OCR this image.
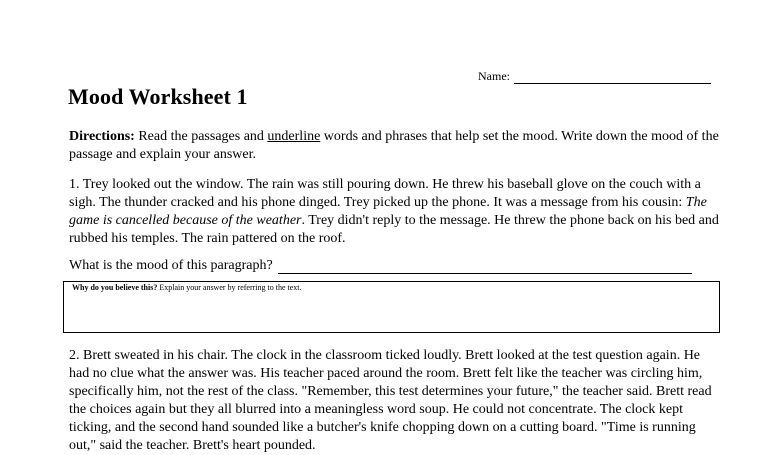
Name:
Mood Worksheet 1

Directions: Read the passages and underline words and phrases that help set the mood. Write down the mood of the passage and explain your answer.

1. Trey looked out the window. The rain was still pouring down. He threw his baseball glove on the couch with a sigh. The thunder cracked and his phone dinged. Trey picked up the phone. It was a message from his cousin: The game is cancelled because of the weather. Trey didn't reply to the message. He threw the phone back on his bed and rubbed his temples. The rain pattered on the roof.

What is the mood of this paragraph?
Why do you believe this? Explain your answer by referring to the text.

2. Brett sweated in his chair. The clock in the classroom ticked loudly. Brett looked at the test question again. He had no clue what the answer was. His teacher paced around the room. Brett felt like the teacher was circling him, specifically him, not the rest of the class. "Remember, this test determines your future," the teacher said. Brett read the choices again but they all blurred into a meaningless word soup. He could not concentrate. The clock kept ticking, and the second hand sounded like a butcher's knife chopping down on a cutting board. "Time is running out," said the teacher. Brett's heart pounded.
